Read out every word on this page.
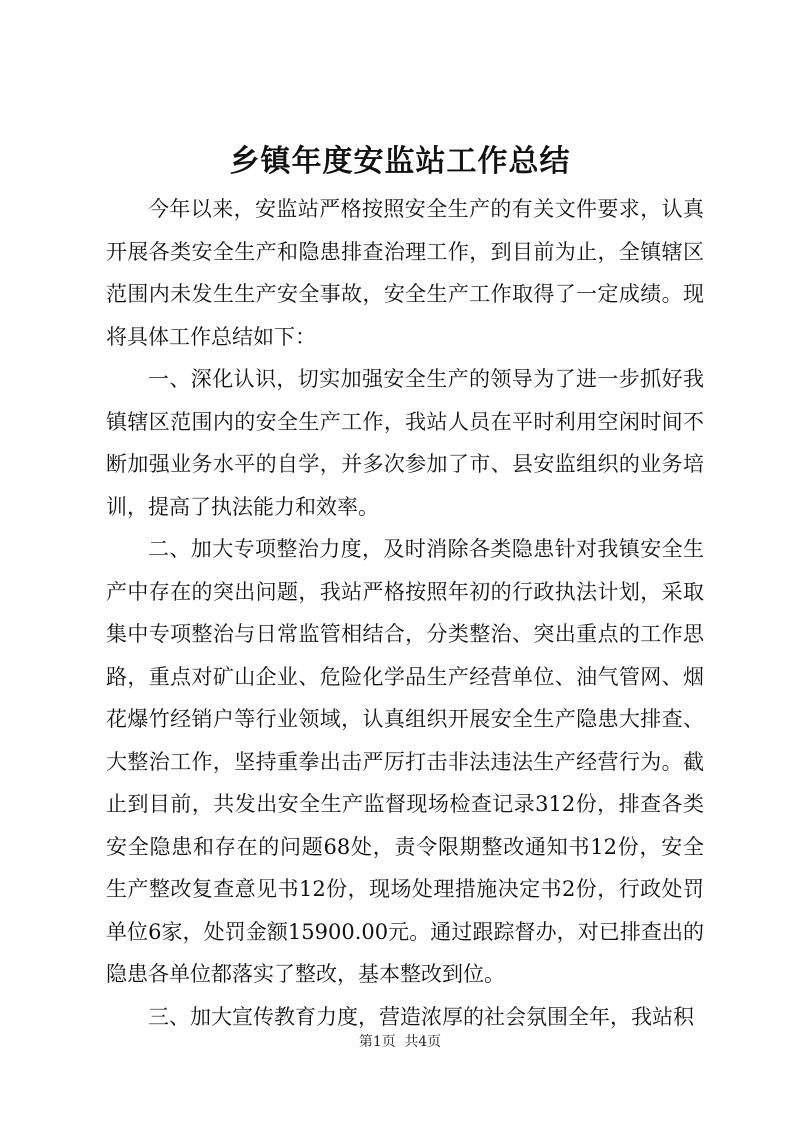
乡镇年度安监站工作总结

今年以来，安监站严格按照安全生产的有关文件要求，认真开展各类安全生产和隐患排查治理工作，到目前为止，全镇辖区范围内未发生生产安全事故，安全生产工作取得了一定成绩。现将具体工作总结如下：

一、深化认识，切实加强安全生产的领导为了进一步抓好我镇辖区范围内的安全生产工作，我站人员在平时利用空闲时间不断加强业务水平的自学，并多次参加了市、县安监组织的业务培训，提高了执法能力和效率。

二、加大专项整治力度，及时消除各类隐患针对我镇安全生产中存在的突出问题，我站严格按照年初的行政执法计划，采取集中专项整治与日常监管相结合，分类整治、突出重点的工作思路，重点对矿山企业、危险化学品生产经营单位、油气管网、烟花爆竹经销户等行业领域，认真组织开展安全生产隐患大排查、大整治工作，坚持重拳出击严厉打击非法违法生产经营行为。截止到目前，共发出安全生产监督现场检查记录312份，排查各类安全隐患和存在的问题68处，责令限期整改通知书12份，安全生产整改复查意见书12份，现场处理措施决定书2份，行政处罚单位6家，处罚金额15900.00元。通过跟踪督办，对已排查出的隐患各单位都落实了整改，基本整改到位。

三、加大宣传教育力度，营造浓厚的社会氛围全年，我站积

第1页 共4页
